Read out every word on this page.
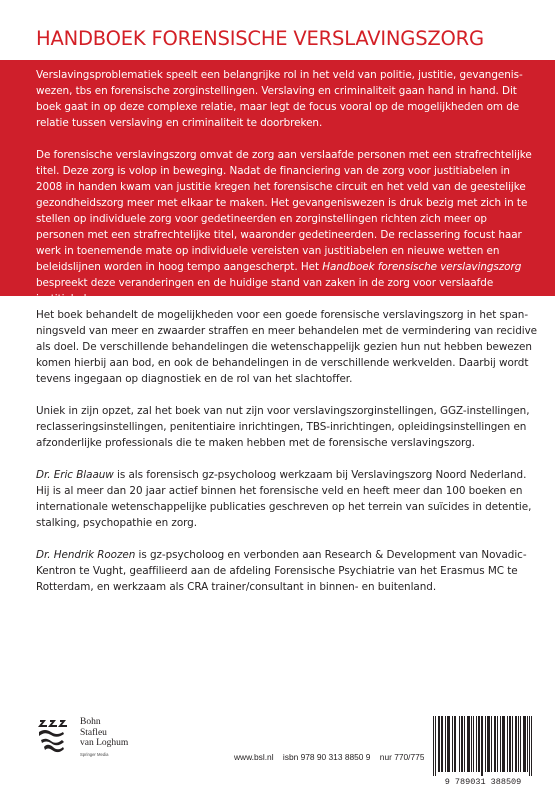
HANDBOEK FORENSISCHE VERSLAVINGSZORG

Verslavingsproblematiek speelt een belangrijke rol in het veld van politie, justitie, gevangeniswezen, tbs en forensische zorginstellingen. Verslaving en criminaliteit gaan hand in hand. Dit boek gaat in op deze complexe relatie, maar legt de focus vooral op de mogelijkheden om de relatie tussen verslaving en criminaliteit te doorbreken.

De forensische verslavingszorg omvat de zorg aan verslaafde personen met een strafrechtelijke titel. Deze zorg is volop in beweging. Nadat de financiering van de zorg voor justitiabelen in 2008 in handen kwam van justitie kregen het forensische circuit en het veld van de geestelijke gezondheidszorg meer met elkaar te maken. Het gevangeniswezen is druk bezig met zich in te stellen op individuele zorg voor gedetineerden en zorginstellingen richten zich meer op personen met een strafrechtelijke titel, waaronder gedetineerden. De reclassering focust haar werk in toenemende mate op individuele vereisten van justitiabelen en nieuwe wetten en beleidslijnen worden in hoog tempo aangescherpt. Het Handboek forensische verslavingszorg bespreekt deze veranderingen en de huidige stand van zaken in de zorg voor verslaafde justitiabelen.

Het boek behandelt de mogelijkheden voor een goede forensische verslavingszorg in het spanningsveld van meer en zwaarder straffen en meer behandelen met de vermindering van recidive als doel. De verschillende behandelingen die wetenschappelijk gezien hun nut hebben bewezen komen hierbij aan bod, en ook de behandelingen in de verschillende werkvelden. Daarbij wordt tevens ingegaan op diagnostiek en de rol van het slachtoffer.

Uniek in zijn opzet, zal het boek van nut zijn voor verslavingszorginstellingen, GGZ-instellingen, reclasseringsinstellingen, penitentiaire inrichtingen, TBS-inrichtingen, opleidingsinstellingen en afzonderlijke professionals die te maken hebben met de forensische verslavingszorg.

Dr. Eric Blaauw is als forensisch gz-psycholoog werkzaam bij Verslavingszorg Noord Nederland. Hij is al meer dan 20 jaar actief binnen het forensische veld en heeft meer dan 100 boeken en internationale wetenschappelijke publicaties geschreven op het terrein van suïcides in detentie, stalking, psychopathie en zorg.

Dr. Hendrik Roozen is gz-psycholoog en verbonden aan Research & Development van Novadic-Kentron te Vught, geaffilieerd aan de afdeling Forensische Psychiatrie van het Erasmus MC te Rotterdam, en werkzaam als CRA trainer/consultant in binnen- en buitenland.

Bohn
Stafleu
van Loghum
Springer Media	www.bsl.nl isbn 978 90 313 8850 9 nur 770/775
9 789031 388509
